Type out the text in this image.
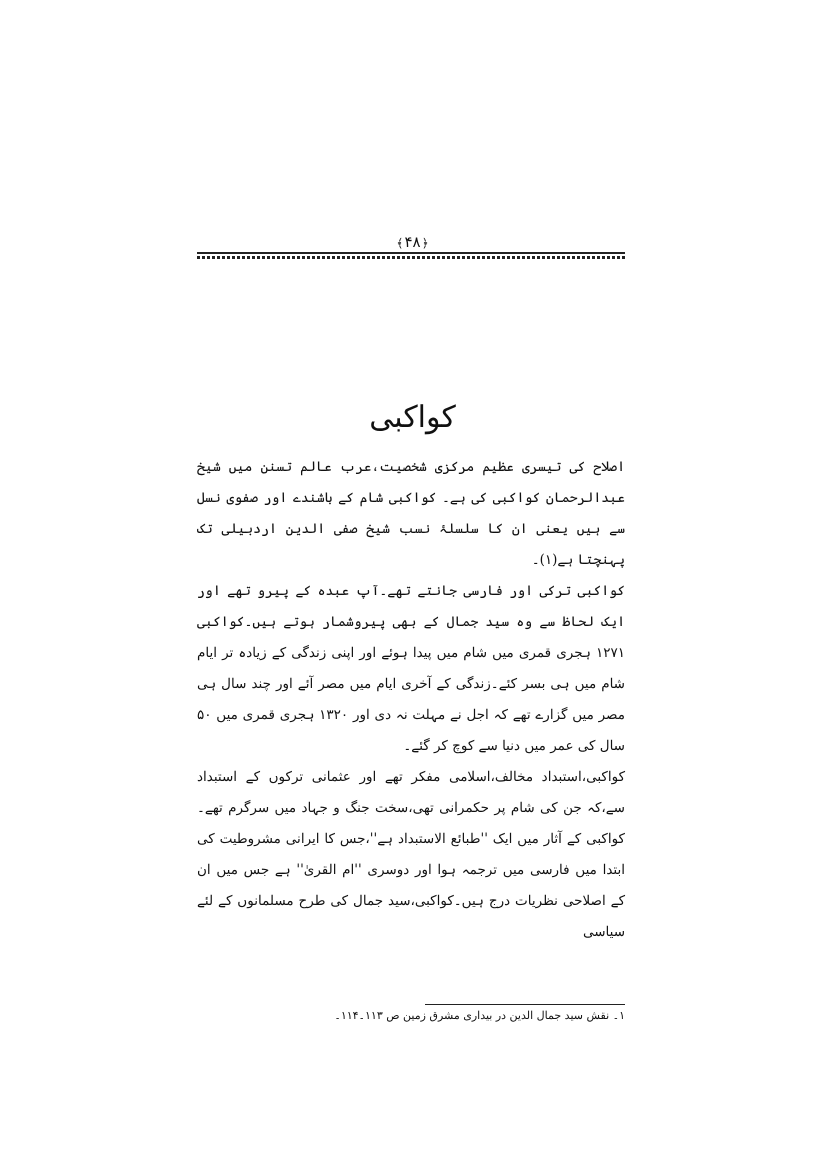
﴿۴۸﴾
کواکبی

اصلاح کی تیسری عظیم مرکزی شخصیت،عرب عالم تسنن میں شیخ عبدالرحمان کواکبی کی ہے۔ کواکبی شام کے باشندے اور صفوی نسل سے ہیں یعنی ان کا سلسلۂ نسب شیخ صفی الدین اردبیلی تک پہنچتا ہے(۱)۔

کواکبی ترکی اور فارسی جانتے تھے۔آپ عبدہ کے پیرو تھے اور ایک لحاظ سے وہ سید جمال کے بھی پیروشمار ہوتے ہیں۔کواکبی ۱۲۷۱ ہجری قمری میں شام میں پیدا ہوئے اور اپنی زندگی کے زیادہ تر ایام شام میں ہی بسر کئے۔زندگی کے آخری ایام میں مصر آئے اور چند سال ہی مصر میں گزارے تھے کہ اجل نے مہلت نہ دی اور ۱۳۲۰ ہجری قمری میں ۵۰ سال کی عمر میں دنیا سے کوچ کر گئے۔

کواکبی،استبداد مخالف،اسلامی مفکر تھے اور عثمانی ترکوں کے استبداد سے،کہ جن کی شام پر حکمرانی تھی،سخت جنگ و جہاد میں سرگرم تھے۔کواکبی کے آثار میں ایک ''طبائع الاستبداد ہے''،جس کا ایرانی مشروطیت کی ابتدا میں فارسی میں ترجمہ ہوا اور دوسری ''ام القریٰ'' ہے جس میں ان کے اصلاحی نظریات درج ہیں۔کواکبی،سید جمال کی طرح مسلمانوں کے لئے سیاسی

۱۔ نقش سید جمال الدین در بیداری مشرق زمین ص ۱۱۳۔۱۱۴۔
